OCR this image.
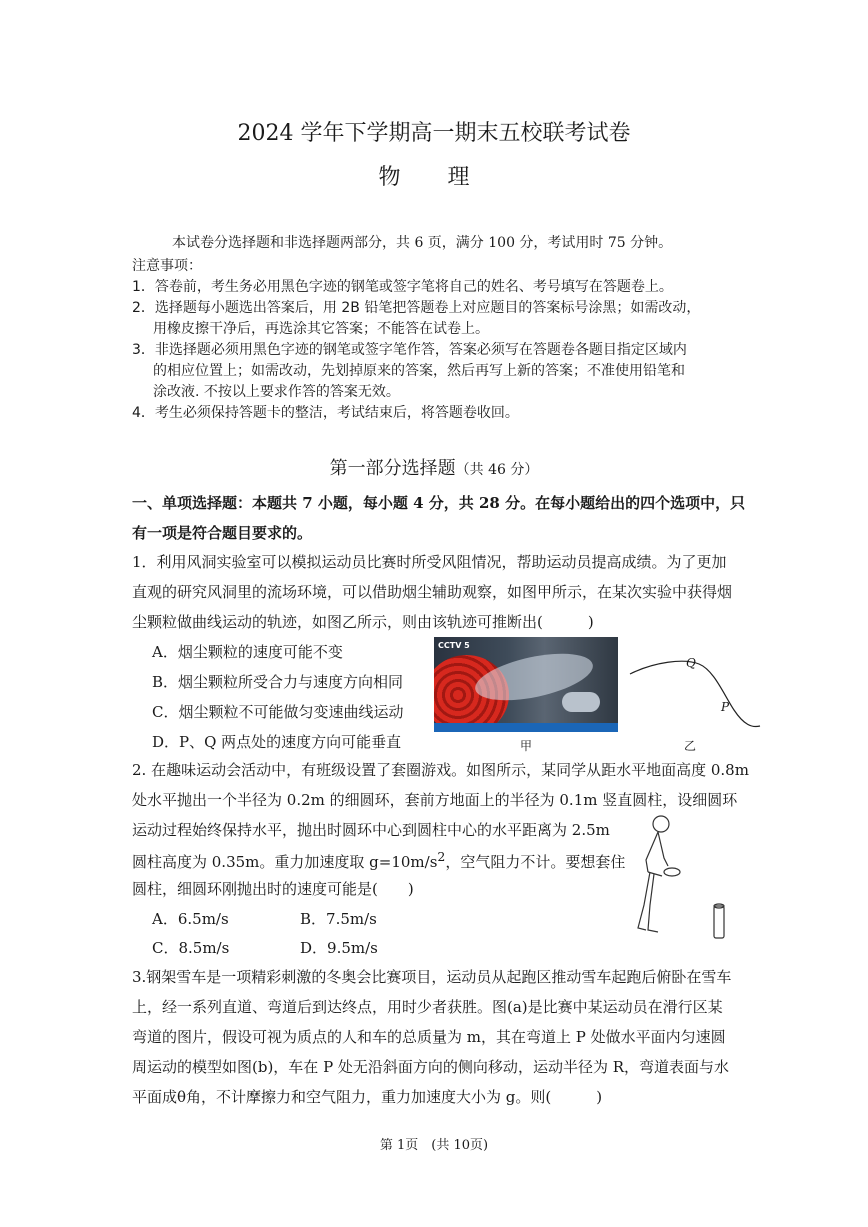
2024 学年下学期高一期末五校联考试卷
物 理
本试卷分选择题和非选择题两部分，共 6 页，满分 100 分，考试用时 75 分钟。
注意事项：
1．答卷前，考生务必用黑色字迹的钢笔或签字笔将自己的姓名、考号填写在答题卷上。
2．选择题每小题选出答案后，用 2B 铅笔把答题卷上对应题目的答案标号涂黑；如需改动，
用橡皮擦干净后，再选涂其它答案；不能答在试卷上。
3．非选择题必须用黑色字迹的钢笔或签字笔作答，答案必须写在答题卷各题目指定区域内
的相应位置上；如需改动，先划掉原来的答案，然后再写上新的答案；不准使用铅笔和
涂改液. 不按以上要求作答的答案无效。
4．考生必须保持答题卡的整洁，考试结束后，将答题卷收回。
第一部分选择题（共 46 分）
一、单项选择题：本题共 7 小题，每小题 4 分，共 28 分。在每小题给出的四个选项中，只
有一项是符合题目要求的。
1．利用风洞实验室可以模拟运动员比赛时所受风阻情况，帮助运动员提高成绩。为了更加
直观的研究风洞里的流场环境，可以借助烟尘辅助观察，如图甲所示，在某次实验中获得烟
尘颗粒做曲线运动的轨迹，如图乙所示，则由该轨迹可推断出(　　　)
A．烟尘颗粒的速度可能不变
B．烟尘颗粒所受合力与速度方向相同
C．烟尘颗粒不可能做匀变速曲线运动
D．P、Q 两点处的速度方向可能垂直
CCTV 5
甲
Q
P
乙
2. 在趣味运动会活动中，有班级设置了套圈游戏。如图所示，某同学从距水平地面高度 0.8m
处水平抛出一个半径为 0.2m 的细圆环，套前方地面上的半径为 0.1m 竖直圆柱，设细圆环
运动过程始终保持水平，抛出时圆环中心到圆柱中心的水平距离为 2.5m
圆柱高度为 0.35m。重力加速度取 $g=10m/s^2$，空气阻力不计。要想套住
圆柱，细圆环刚抛出时的速度可能是(　　)
A．6.5m/s	B．7.5m/s
C．8.5m/s	D．9.5m/s
3.钢架雪车是一项精彩刺激的冬奥会比赛项目，运动员从起跑区推动雪车起跑后俯卧在雪车
上，经一系列直道、弯道后到达终点，用时少者获胜。图(a)是比赛中某运动员在滑行区某
弯道的图片，假设可视为质点的人和车的总质量为 m，其在弯道上 P 处做水平面内匀速圆
周运动的模型如图(b)，车在 P 处无沿斜面方向的侧向移动，运动半径为 R，弯道表面与水
平面成θ角，不计摩擦力和空气阻力，重力加速度大小为 g。则(　　　)
第 1页　(共 10页)
